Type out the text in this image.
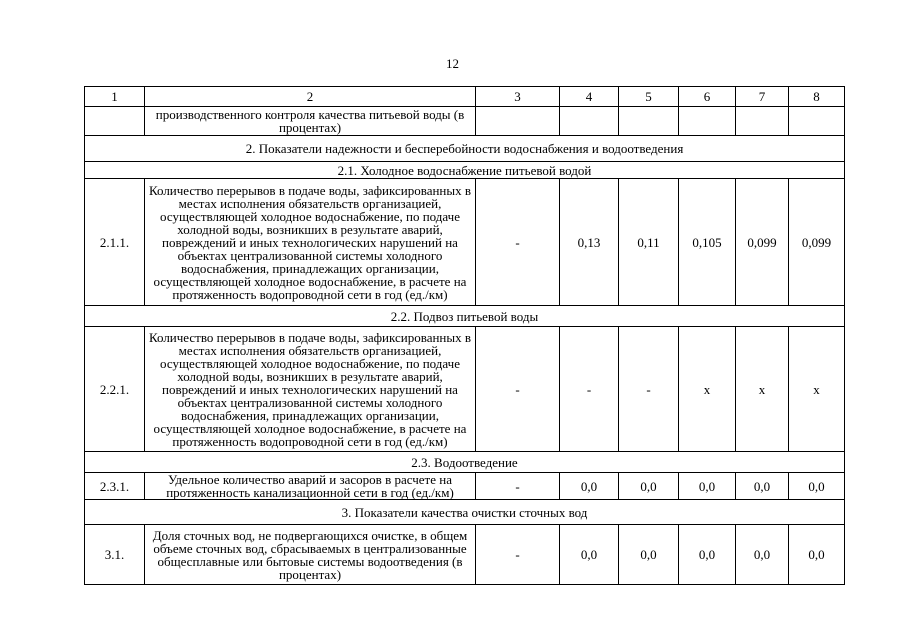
12
1	2	3	4	5	6	7	8
	производственного контроля качества питьевой воды (в процентах)						
2. Показатели надежности и бесперебойности водоснабжения и водоотведения							
2.1. Холодное водоснабжение питьевой водой							
2.1.1.	Количество перерывов в подаче воды, зафиксированных в местах исполнения обязательств организацией, осуществляющей холодное водоснабжение, по подаче холодной воды, возникших в результате аварий, повреждений и иных технологических нарушений на объектах централизованной системы холодного водоснабжения, принадлежащих организации, осуществляющей холодное водоснабжение, в расчете на протяженность водопроводной сети в год (ед./км)	-	0,13	0,11	0,105	0,099	0,099
2.2. Подвоз питьевой воды							
2.2.1.	Количество перерывов в подаче воды, зафиксированных в местах исполнения обязательств организацией, осуществляющей холодное водоснабжение, по подаче холодной воды, возникших в результате аварий, повреждений и иных технологических нарушений на объектах централизованной системы холодного водоснабжения, принадлежащих организации, осуществляющей холодное водоснабжение, в расчете на протяженность водопроводной сети в год (ед./км)	-	-	-	x	x	x
2.3. Водоотведение							
2.3.1.	Удельное количество аварий и засоров в расчете на протяженность канализационной сети в год (ед./км)	-	0,0	0,0	0,0	0,0	0,0
3. Показатели качества очистки сточных вод							
3.1.	Доля сточных вод, не подвергающихся очистке, в общем объеме сточных вод, сбрасываемых в централизованные общесплавные или бытовые системы водоотведения (в процентах)	-	0,0	0,0	0,0	0,0	0,0
